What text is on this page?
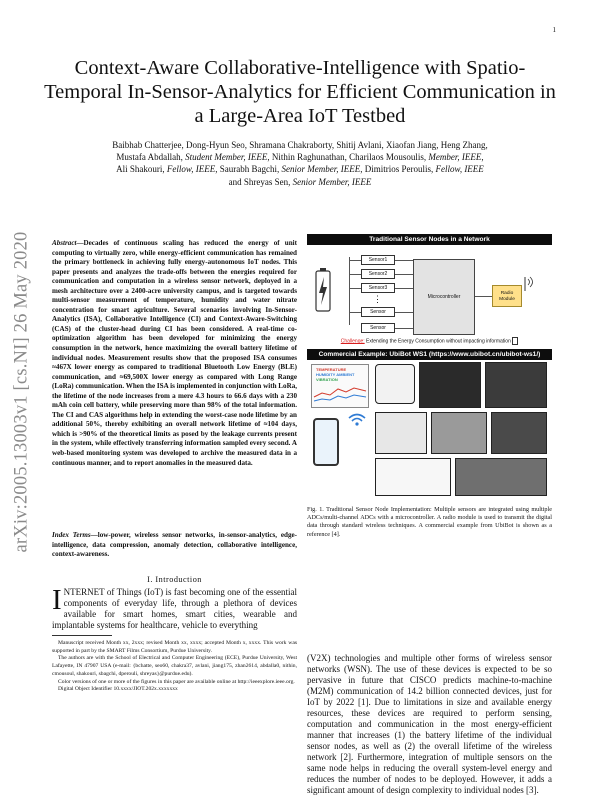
1
arXiv:2005.13003v1 [cs.NI] 26 May 2020
Context-Aware Collaborative-Intelligence with Spatio-Temporal In-Sensor-Analytics for Efficient Communication in a Large-Area IoT Testbed
Baibhab Chatterjee, Dong-Hyun Seo, Shramana Chakraborty, Shitij Avlani, Xiaofan Jiang, Heng Zhang,
Mustafa Abdallah, Student Member, IEEE, Nithin Raghunathan, Charilaos Mousoulis, Member, IEEE,
Ali Shakouri, Fellow, IEEE, Saurabh Bagchi, Senior Member, IEEE, Dimitrios Peroulis, Fellow, IEEE
and Shreyas Sen, Senior Member, IEEE
Abstract—Decades of continuous scaling has reduced the energy of unit computing to virtually zero, while energy-efficient communication has remained the primary bottleneck in achieving fully energy-autonomous IoT nodes. This paper presents and analyzes the trade-offs between the energies required for communication and computation in a wireless sensor network, deployed in a mesh architecture over a 2400-acre university campus, and is targeted towards multi-sensor measurement of temperature, humidity and water nitrate concentration for smart agriculture. Several scenarios involving In-Sensor-Analytics (ISA), Collaborative Intelligence (CI) and Context-Aware-Switching (CAS) of the cluster-head during CI has been considered. A real-time co-optimization algorithm has been developed for minimizing the energy consumption in the network, hence maximizing the overall battery lifetime of individual nodes. Measurement results show that the proposed ISA consumes ≈467X lower energy as compared to traditional Bluetooth Low Energy (BLE) communication, and ≈69,500X lower energy as compared with Long Range (LoRa) communication. When the ISA is implemented in conjunction with LoRa, the lifetime of the node increases from a mere 4.3 hours to 66.6 days with a 230 mAh coin cell battery, while preserving more than 98% of the total information. The CI and CAS algorithms help in extending the worst-case node lifetime by an additional 50%, thereby exhibiting an overall network lifetime of ≈104 days, which is >90% of the theoretical limits as posed by the leakage currents present in the system, while effectively transferring information sampled every second. A web-based monitoring system was developed to archive the measured data in a continuous manner, and to report anomalies in the measured data.
Index Terms—low-power, wireless sensor networks, in-sensor-analytics, edge-intelligence, data compression, anomaly detection, collaborative intelligence, context-awareness.
I. Introduction
INTERNET of Things (IoT) is fast becoming one of the essential components of everyday life, through a plethora of devices available for smart homes, smart cities, wearable and implantable systems for healthcare, vehicle to everything

Manuscript received Month xx, 2xxx; revised Month xx, xxxx; accepted Month x, xxxx. This work was supported in part by the SMART Films Consortium, Purdue University.

The authors are with the School of Electrical and Computer Engineering (ECE), Purdue University, West Lafayette, IN 47907 USA (e-mail: {bchatte, seo60, chakra37, avlani, jiang175, zhan2614, abdalla0, nithin, cmousoul, shakouri, sbagchi, dperouli, shreyas}@purdue.edu).

Color versions of one or more of the figures in this paper are available online at http://ieeexplore.ieee.org.

Digital Object Identifier 10.xxxx/JIOT.202x.xxxxxxx

(V2X) technologies and multiple other forms of wireless sensor networks (WSN). The use of these devices is expected to be so pervasive in future that CISCO predicts machine-to-machine (M2M) communication of 14.2 billion connected devices, just for IoT by 2022 [1]. Due to limitations in size and available energy resources, these devices are required to perform sensing, computation and communication in the most energy-efficient manner that increases (1) the battery lifetime of the individual sensor nodes, as well as (2) the overall lifetime of the wireless network [2]. Furthermore, integration of multiple sensors on the same node helps in reducing the overall system-level energy and reduces the number of nodes to be deployed. However, it adds a significant amount of design complexity to individual nodes [3].
Traditional Sensor Nodes in a Network
Sensor1
Sensor2
Sensor3
⋮
Sensor
Sensor
Microcontroller
Radio Module
Challenge: Extending the Energy Consumption without impacting information
Commercial Example: UbiBot WS1 (https://www.ubibot.cn/ubibot-ws1/)
TEMPERATURE
HUMIDITY AMBIENT
VIBRATION
Fig. 1. Traditional Sensor Node Implementation: Multiple sensors are integrated using multiple ADCs/multi-channel ADCs with a microcontroller. A radio module is used to transmit the digital data through standard wireless techniques. A commercial example from UbiBot is shown as a reference [4].
